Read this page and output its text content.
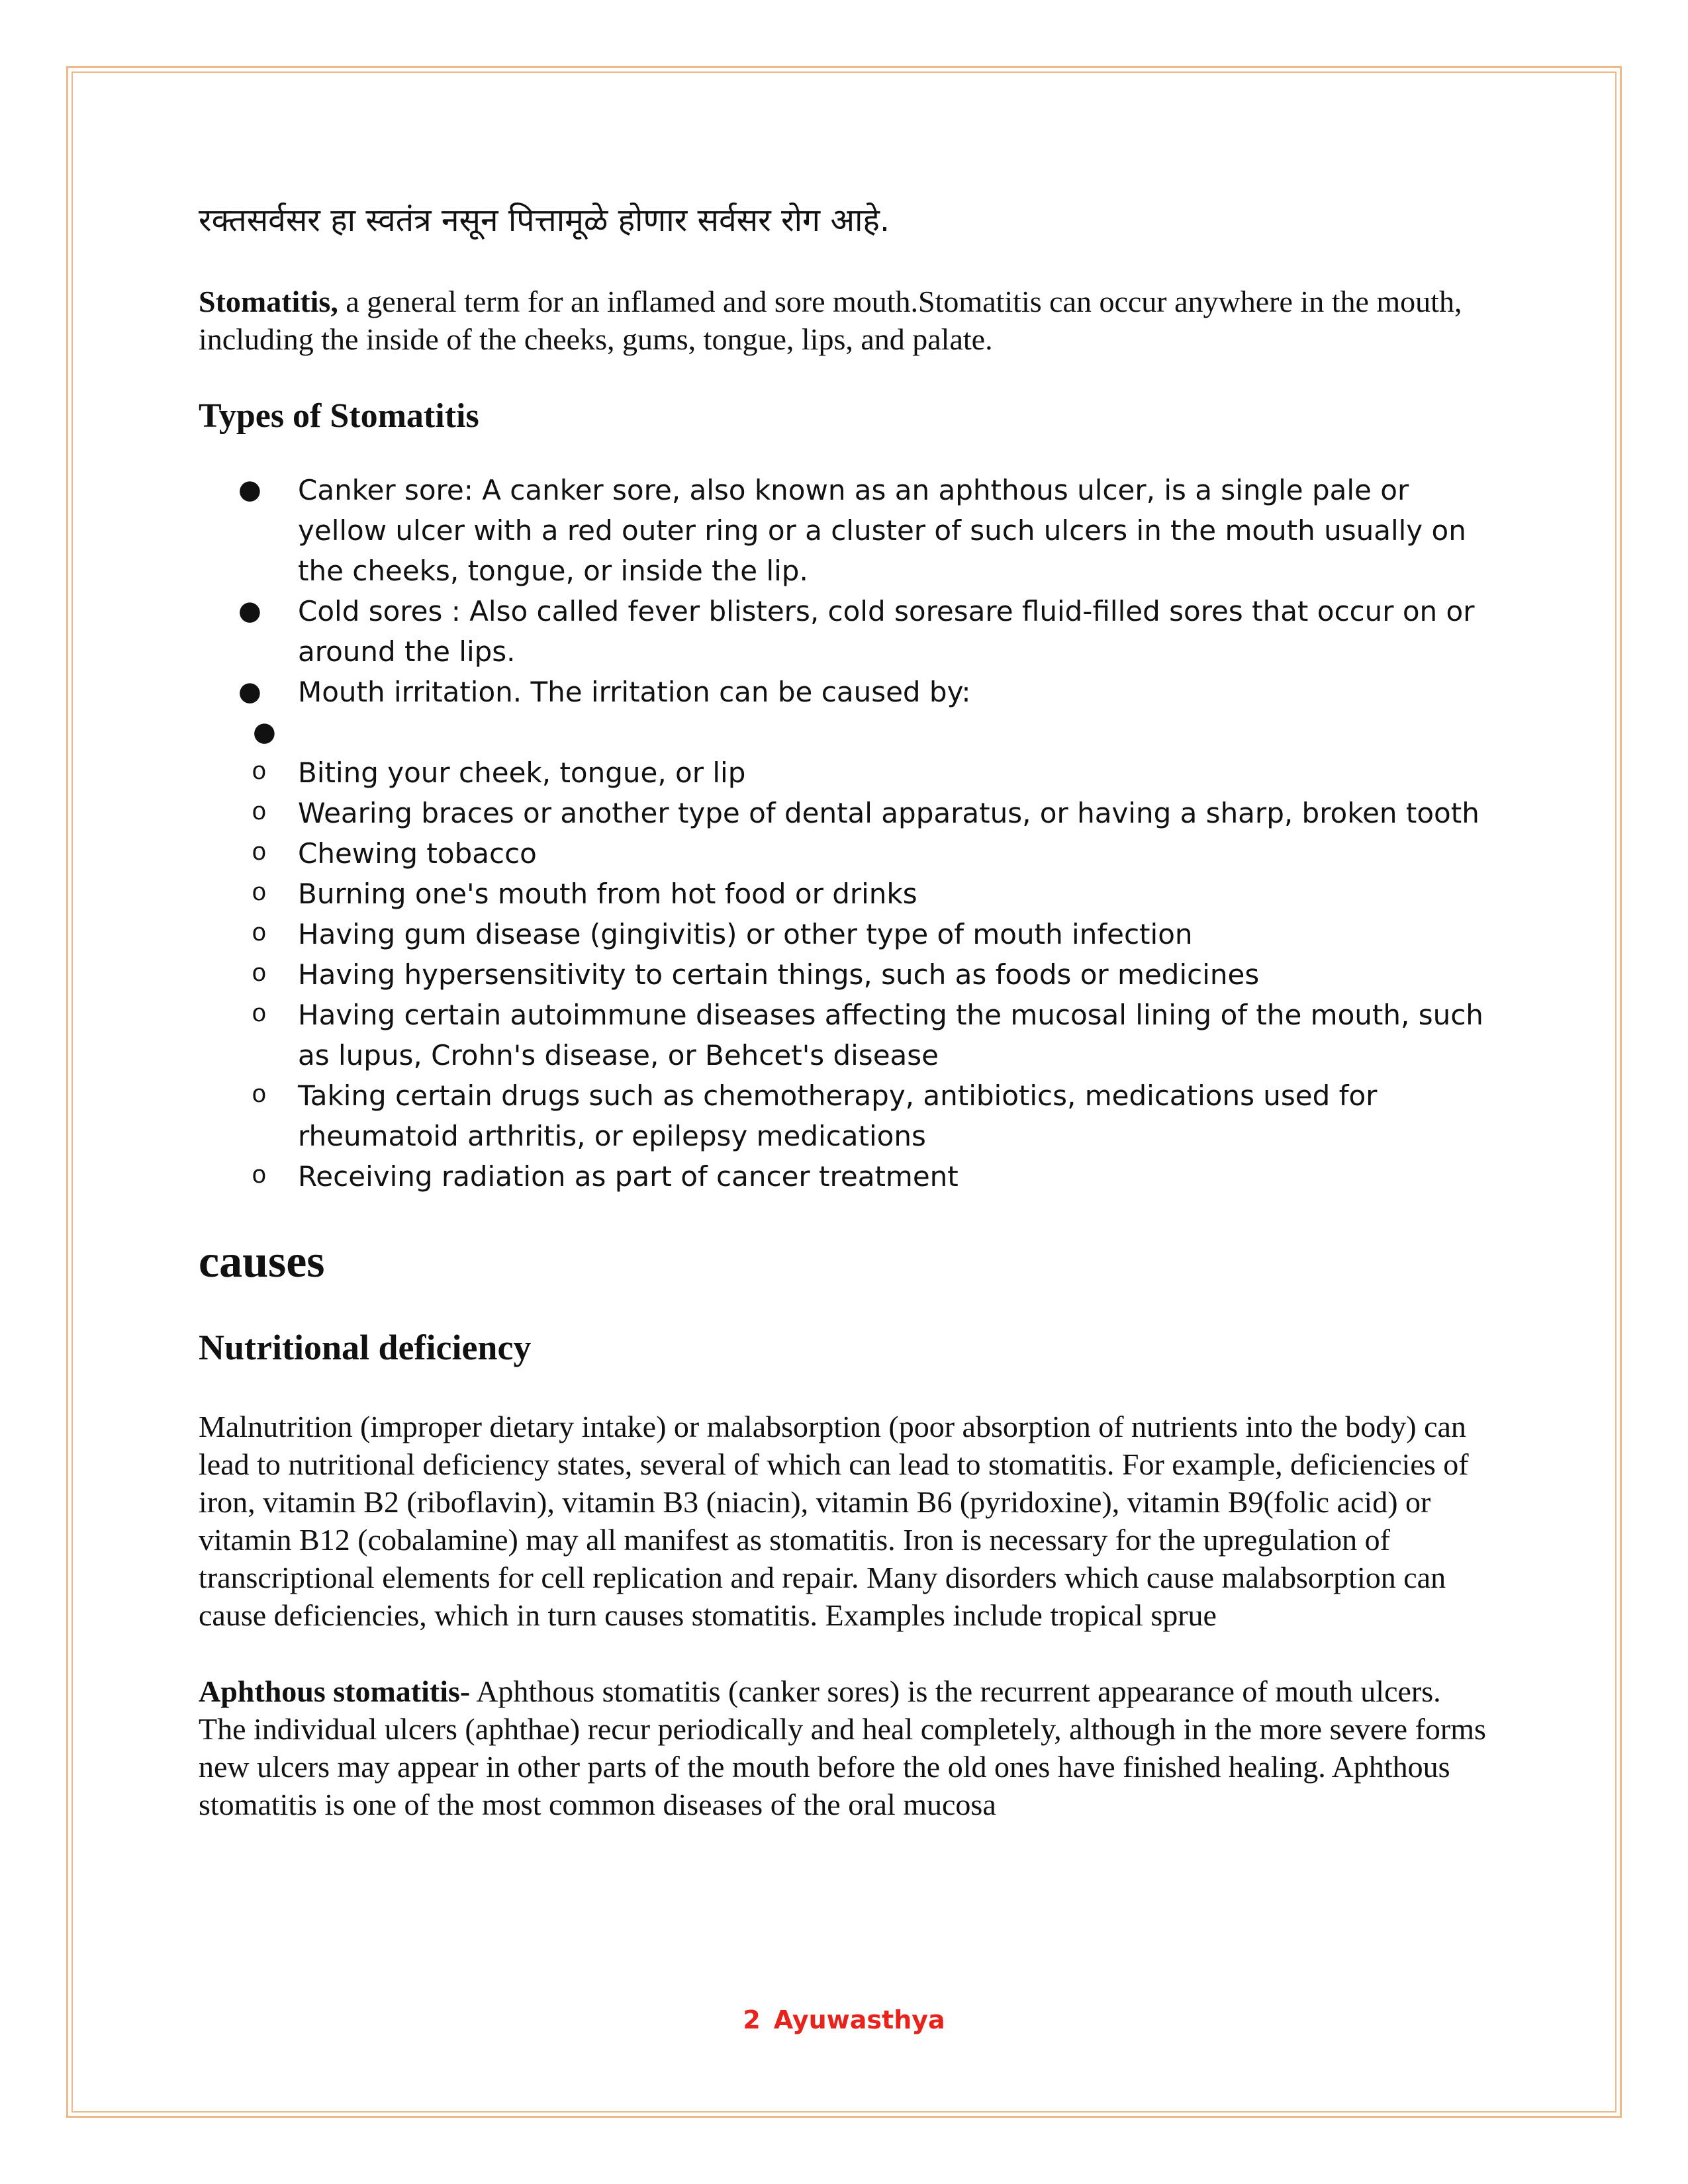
रक्तसर्वसर हा स्वतंत्र नसून पित्तामूळे होणार सर्वसर रोग आहे.

Stomatitis, a general term for an inflamed and sore mouth.Stomatitis can occur anywhere in the mouth, including the inside of the cheeks, gums, tongue, lips, and palate.

Types of Stomatitis
● Canker sore: A canker sore, also known as an aphthous ulcer, is a single pale or yellow ulcer with a red outer ring or a cluster of such ulcers in the mouth usually on the cheeks, tongue, or inside the lip.
● Cold sores : Also called fever blisters, cold soresare fluid-filled sores that occur on or around the lips.
● Mouth irritation. The irritation can be caused by:
●
o Biting your cheek, tongue, or lip
o Wearing braces or another type of dental apparatus, or having a sharp, broken tooth
o Chewing tobacco
o Burning one's mouth from hot food or drinks
o Having gum disease (gingivitis) or other type of mouth infection
o Having hypersensitivity to certain things, such as foods or medicines
o Having certain autoimmune diseases affecting the mucosal lining of the mouth, such as lupus, Crohn's disease, or Behcet's disease
o Taking certain drugs such as chemotherapy, antibiotics, medications used for rheumatoid arthritis, or epilepsy medications
o Receiving radiation as part of cancer treatment
causes
Nutritional deficiency

Malnutrition (improper dietary intake) or malabsorption (poor absorption of nutrients into the body) can lead to nutritional deficiency states, several of which can lead to stomatitis. For example, deficiencies of iron, vitamin B2 (riboflavin), vitamin B3 (niacin), vitamin B6 (pyridoxine), vitamin B9(folic acid) or vitamin B12 (cobalamine) may all manifest as stomatitis. Iron is necessary for the upregulation of transcriptional elements for cell replication and repair. Many disorders which cause malabsorption can cause deficiencies, which in turn causes stomatitis. Examples include tropical sprue

Aphthous stomatitis- Aphthous stomatitis (canker sores) is the recurrent appearance of mouth ulcers. The individual ulcers (aphthae) recur periodically and heal completely, although in the more severe forms new ulcers may appear in other parts of the mouth before the old ones have finished healing. Aphthous stomatitis is one of the most common diseases of the oral mucosa

2 Ayuwasthya
